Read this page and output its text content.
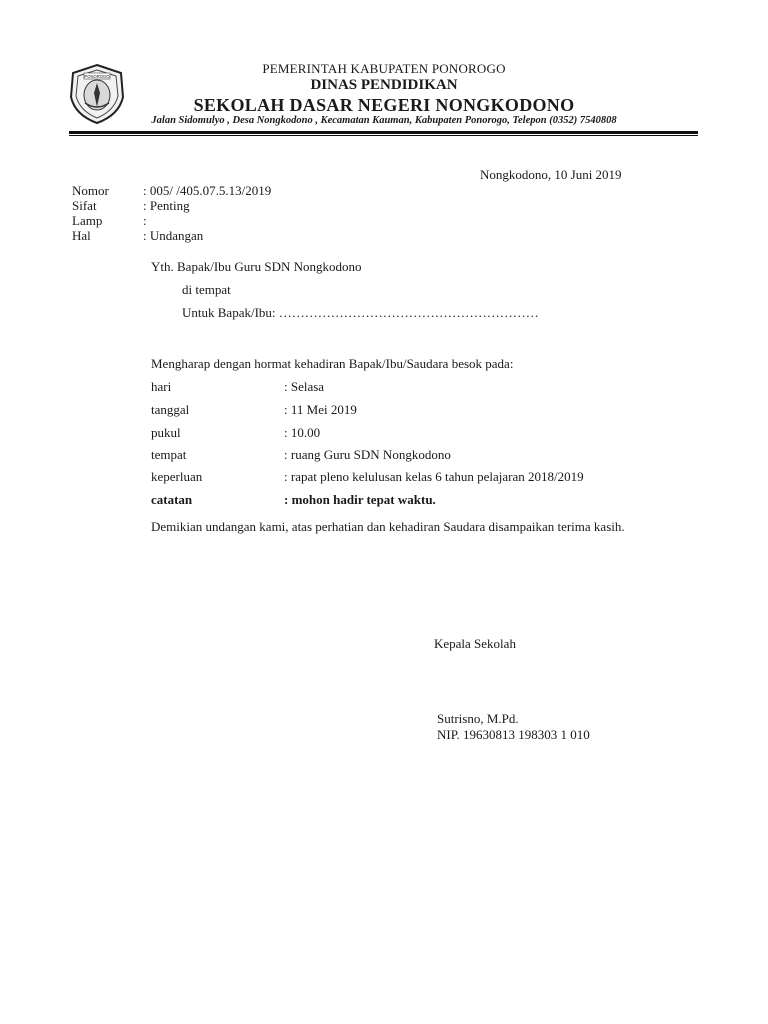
PONOROGO
PEMERINTAH KABUPATEN PONOROGO
DINAS PENDIDIKAN
SEKOLAH DASAR NEGERI NONGKODONO
Jalan Sidomulyo , Desa Nongkodono , Kecamatan Kauman, Kabupaten Ponorogo, Telepon (0352) 7540808
Nongkodono, 10 Juni 2019
Nomor	: 005/ /405.07.5.13/2019
Sifat	: Penting
Lamp	:
Hal	: Undangan
Yth. Bapak/Ibu Guru SDN Nongkodono
di tempat
Untuk Bapak/Ibu: ……………………………………………………
Mengharap dengan hormat kehadiran Bapak/Ibu/Saudara besok pada:
hari	: Selasa
tanggal	: 11 Mei 2019
pukul	: 10.00
tempat	: ruang Guru SDN Nongkodono
keperluan	: rapat pleno kelulusan kelas 6 tahun pelajaran 2018/2019
catatan	: mohon hadir tepat waktu.
Demikian undangan kami, atas perhatian dan kehadiran Saudara disampaikan terima kasih.
Kepala Sekolah
Sutrisno, M.Pd.
NIP. 19630813 198303 1 010
